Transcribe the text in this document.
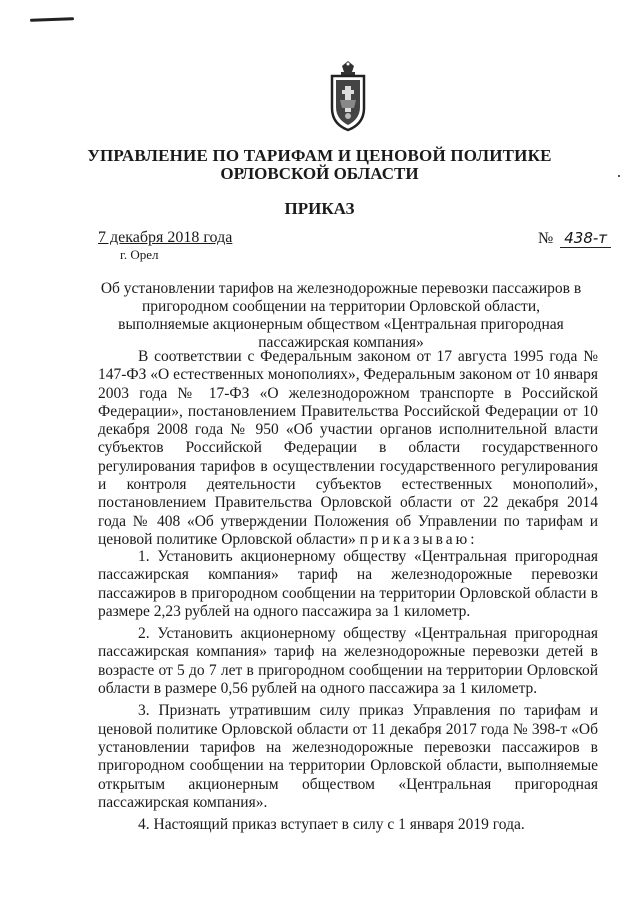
УПРАВЛЕНИЕ ПО ТАРИФАМ И ЦЕНОВОЙ ПОЛИТИКЕ
ОРЛОВСКОЙ ОБЛАСТИ
ПРИКАЗ
7 декабря 2018 года
г. Орел
№ 438-т
Об установлении тарифов на железнодорожные перевозки пассажиров в пригородном сообщении на территории Орловской области, выполняемые акционерным обществом «Центральная пригородная пассажирская компания»

В соответствии с Федеральным законом от 17 августа 1995 года № 147-ФЗ «О естественных монополиях», Федеральным законом от 10 января 2003 года № 17-ФЗ «О железнодорожном транспорте в Российской Федерации», постановлением Правительства Российской Федерации от 10 декабря 2008 года № 950 «Об участии органов исполнительной власти субъектов Российской Федерации в области государственного регулирования тарифов в осуществлении государственного регулирования и контроля деятельности субъектов естественных монополий», постановлением Правительства Орловской области от 22 декабря 2014 года № 408 «Об утверждении Положения об Управлении по тарифам и ценовой политике Орловской области» приказываю:

1. Установить акционерному обществу «Центральная пригородная пассажирская компания» тариф на железнодорожные перевозки пассажиров в пригородном сообщении на территории Орловской области в размере 2,23 рублей на одного пассажира за 1 километр.

2. Установить акционерному обществу «Центральная пригородная пассажирская компания» тариф на железнодорожные перевозки детей в возрасте от 5 до 7 лет в пригородном сообщении на территории Орловской области в размере 0,56 рублей на одного пассажира за 1 километр.

3. Признать утратившим силу приказ Управления по тарифам и ценовой политике Орловской области от 11 декабря 2017 года № 398-т «Об установлении тарифов на железнодорожные перевозки пассажиров в пригородном сообщении на территории Орловской области, выполняемые открытым акционерным обществом «Центральная пригородная пассажирская компания».

4. Настоящий приказ вступает в силу с 1 января 2019 года.
